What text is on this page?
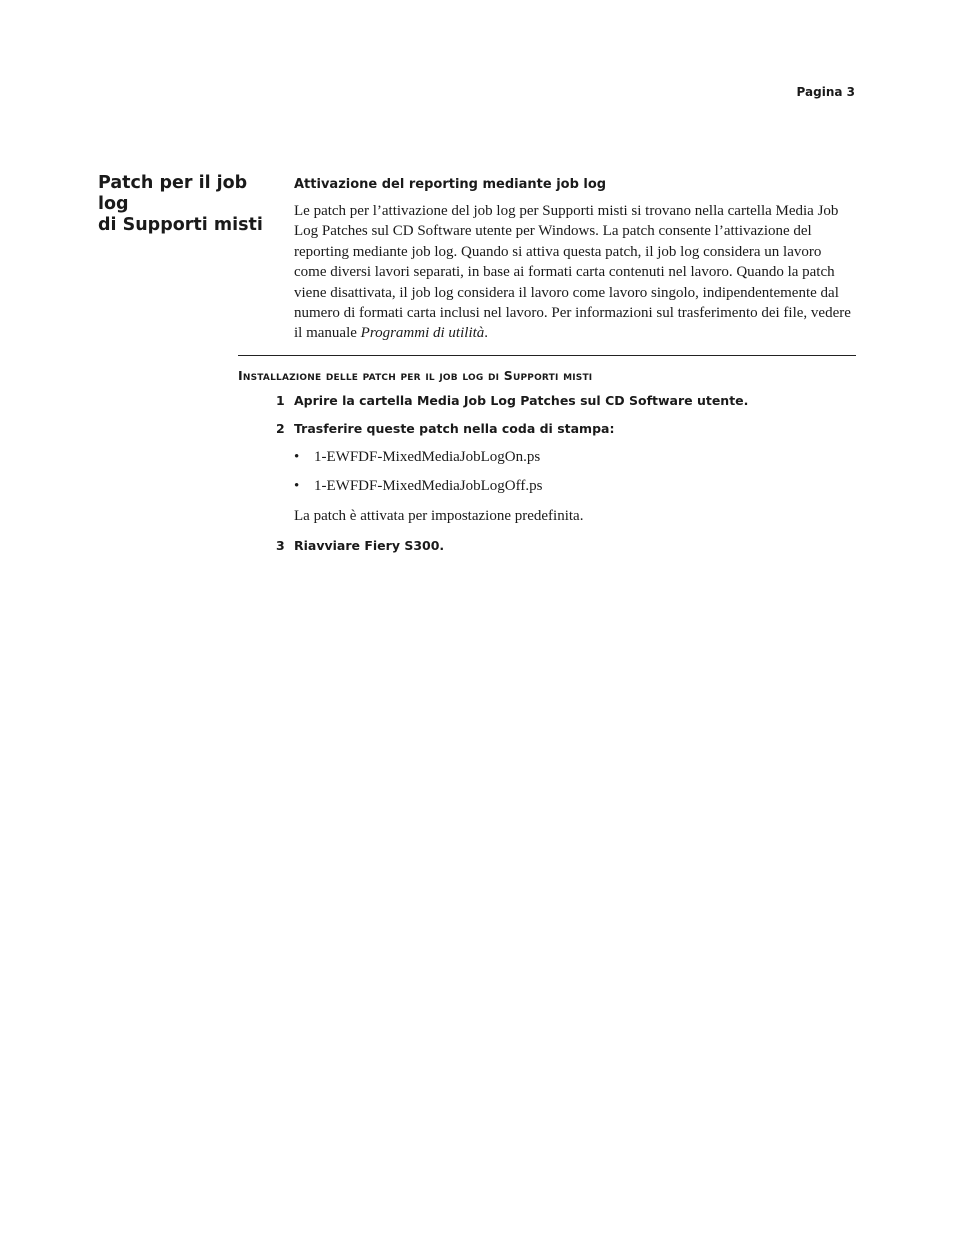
Pagina 3
Patch per il job log
di Supporti misti
Attivazione del reporting mediante job log

Le patch per l’attivazione del job log per Supporti misti si trovano nella cartella Media Job Log Patches sul CD Software utente per Windows. La patch consente l’attivazione del reporting mediante job log. Quando si attiva questa patch, il job log considera un lavoro come diversi lavori separati, in base ai formati carta contenuti nel lavoro. Quando la patch viene disattivata, il job log considera il lavoro come lavoro singolo, indipendentemente dal numero di formati carta inclusi nel lavoro. Per informazioni sul trasferimento dei file, vedere il manuale Programmi di utilità.

Installazione delle patch per il job log di Supporti misti
1 Aprire la cartella Media Job Log Patches sul CD Software utente.
2 Trasferire queste patch nella coda di stampa:
• 1-EWFDF-MixedMediaJobLogOn.ps
• 1-EWFDF-MixedMediaJobLogOff.ps
La patch è attivata per impostazione predefinita.
3 Riavviare Fiery S300.
